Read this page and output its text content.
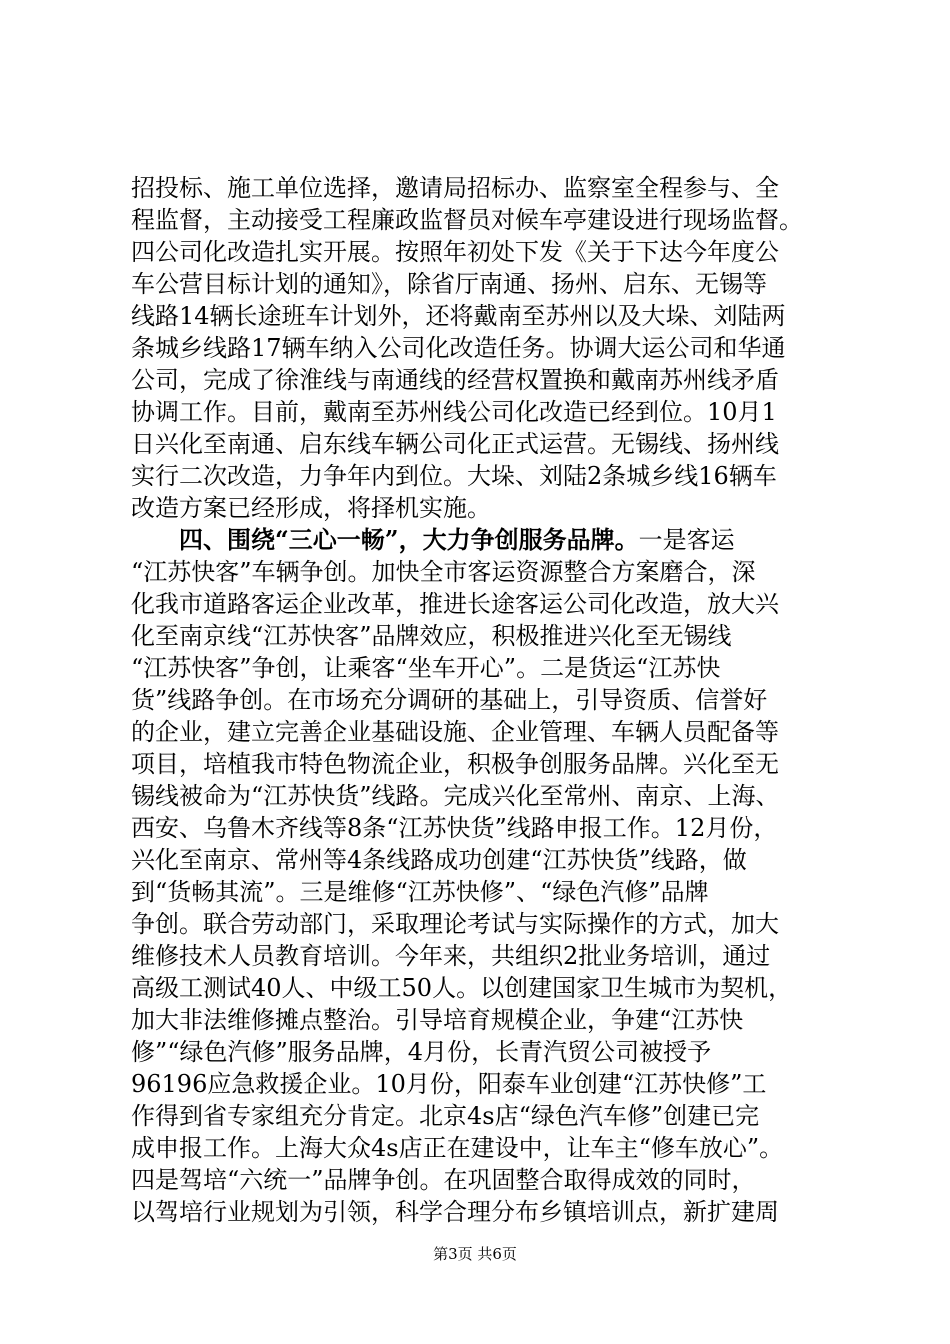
招投标、施工单位选择，邀请局招标办、监察室全程参与、全
程监督，主动接受工程廉政监督员对候车亭建设进行现场监督。
四公司化改造扎实开展。按照年初处下发《关于下达今年度公
车公营目标计划的通知》，除省厅南通、扬州、启东、无锡等
线路14辆长途班车计划外，还将戴南至苏州以及大垛、刘陆两
条城乡线路17辆车纳入公司化改造任务。协调大运公司和华通
公司，完成了徐淮线与南通线的经营权置换和戴南苏州线矛盾
协调工作。目前，戴南至苏州线公司化改造已经到位。10月1
日兴化至南通、启东线车辆公司化正式运营。无锡线、扬州线
实行二次改造，力争年内到位。大垛、刘陆2条城乡线16辆车
改造方案已经形成，将择机实施。
四、围绕“三心一畅”，大力争创服务品牌。一是客运
“江苏快客”车辆争创。加快全市客运资源整合方案磨合，深
化我市道路客运企业改革，推进长途客运公司化改造，放大兴
化至南京线“江苏快客”品牌效应，积极推进兴化至无锡线
“江苏快客”争创，让乘客“坐车开心”。二是货运“江苏快
货”线路争创。在市场充分调研的基础上，引导资质、信誉好
的企业，建立完善企业基础设施、企业管理、车辆人员配备等
项目，培植我市特色物流企业，积极争创服务品牌。兴化至无
锡线被命为“江苏快货”线路。完成兴化至常州、南京、上海、
西安、乌鲁木齐线等8条“江苏快货”线路申报工作。12月份，
兴化至南京、常州等4条线路成功创建“江苏快货”线路，做
到“货畅其流”。三是维修“江苏快修”、“绿色汽修”品牌
争创。联合劳动部门，采取理论考试与实际操作的方式，加大
维修技术人员教育培训。今年来，共组织2批业务培训，通过
高级工测试40人、中级工50人。以创建国家卫生城市为契机，
加大非法维修摊点整治。引导培育规模企业，争建“江苏快
修”“绿色汽修”服务品牌，4月份，长青汽贸公司被授予
96196应急救援企业。10月份，阳泰车业创建“江苏快修”工
作得到省专家组充分肯定。北京4s店“绿色汽车修”创建已完
成申报工作。上海大众4s店正在建设中，让车主“修车放心”。
四是驾培“六统一”品牌争创。在巩固整合取得成效的同时，
以驾培行业规划为引领，科学合理分布乡镇培训点，新扩建周
第3页 共6页
